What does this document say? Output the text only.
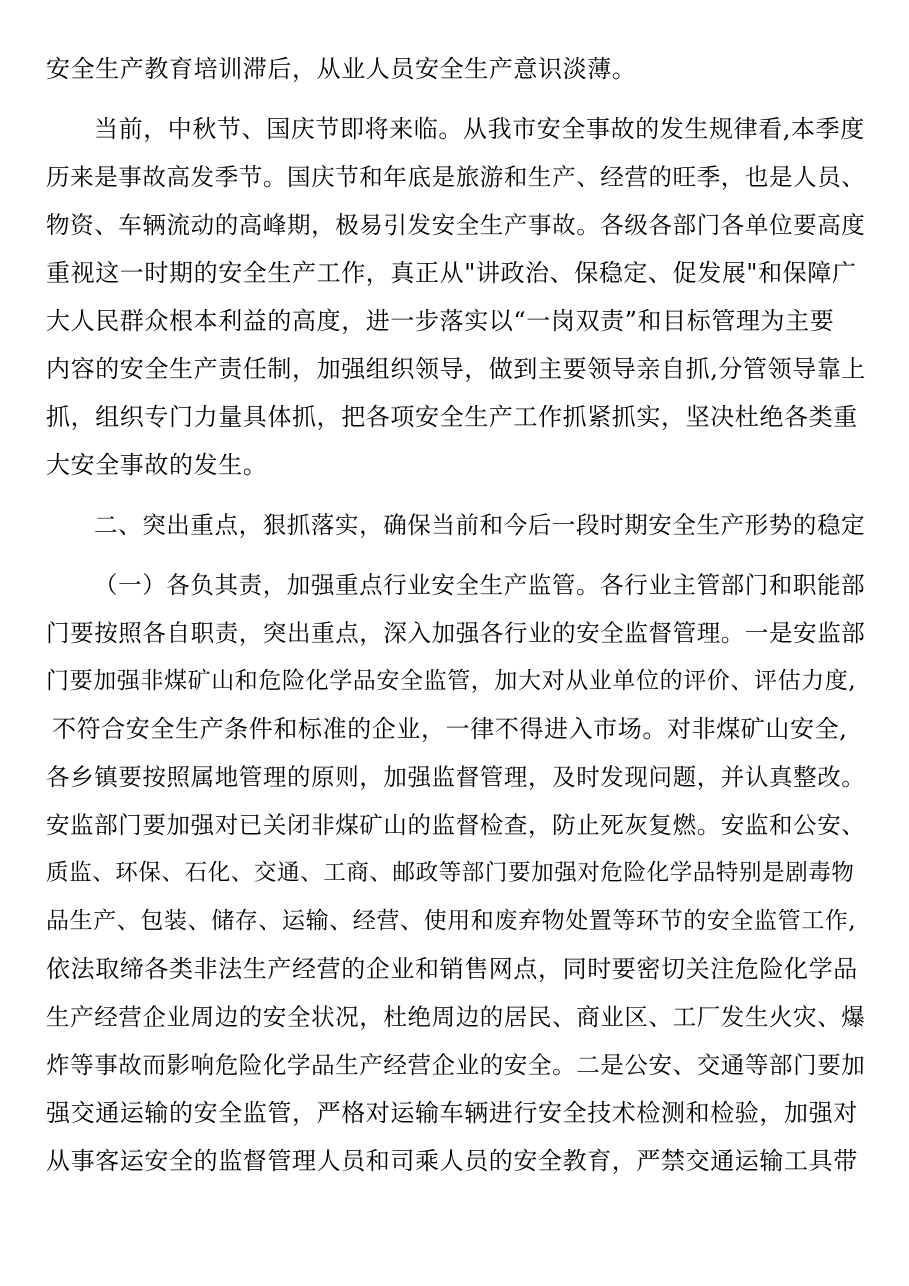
安全生产教育培训滞后，从业人员安全生产意识淡薄。
当前，中秋节、国庆节即将来临。从我市安全事故的发生规律看,本季度
历来是事故高发季节。国庆节和年底是旅游和生产、经营的旺季，也是人员、
物资、车辆流动的高峰期，极易引发安全生产事故。各级各部门各单位要高度
重视这一时期的安全生产工作，真正从"讲政治、保稳定、促发展"和保障广
大人民群众根本利益的高度，进一步落实以“一岗双责”和目标管理为主要
内容的安全生产责任制，加强组织领导，做到主要领导亲自抓,分管领导靠上
抓，组织专门力量具体抓，把各项安全生产工作抓紧抓实，坚决杜绝各类重
大安全事故的发生。
二、突出重点，狠抓落实，确保当前和今后一段时期安全生产形势的稳定
（一）各负其责，加强重点行业安全生产监管。各行业主管部门和职能部
门要按照各自职责，突出重点，深入加强各行业的安全监督管理。一是安监部
门要加强非煤矿山和危险化学品安全监管，加大对从业单位的评价、评估力度,
不符合安全生产条件和标准的企业，一律不得进入市场。对非煤矿山安全,
各乡镇要按照属地管理的原则，加强监督管理，及时发现问题，并认真整改。
安监部门要加强对已关闭非煤矿山的监督检查，防止死灰复燃。安监和公安、
质监、环保、石化、交通、工商、邮政等部门要加强对危险化学品特别是剧毒物
品生产、包装、储存、运输、经营、使用和废弃物处置等环节的安全监管工作,
依法取缔各类非法生产经营的企业和销售网点，同时要密切关注危险化学品
生产经营企业周边的安全状况，杜绝周边的居民、商业区、工厂发生火灾、爆
炸等事故而影响危险化学品生产经营企业的安全。二是公安、交通等部门要加
强交通运输的安全监管，严格对运输车辆进行安全技术检测和检验，加强对
从事客运安全的监督管理人员和司乘人员的安全教育，严禁交通运输工具带
